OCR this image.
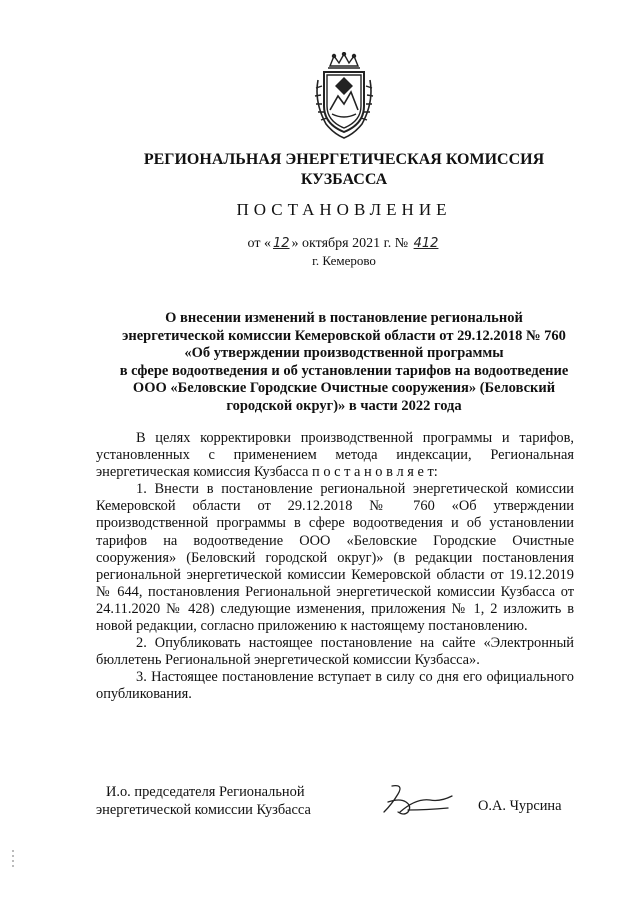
РЕГИОНАЛЬНАЯ ЭНЕРГЕТИЧЕСКАЯ КОМИССИЯ
КУЗБАССА
ПОСТАНОВЛЕНИЕ
от « 12 » октября 2021 г. № 412
г. Кемерово
О внесении изменений в постановление региональной
энергетической комиссии Кемеровской области от 29.12.2018 № 760
«Об утверждении производственной программы
в сфере водоотведения и об установлении тарифов на водоотведение
ООО «Беловские Городские Очистные сооружения» (Беловский
городской округ)» в части 2022 года

В целях корректировки производственной программы и тарифов, установленных с применением метода индексации, Региональная энергетическая комиссия Кузбасса п о с т а н о в л я е т:

1. Внести в постановление региональной энергетической комиссии Кемеровской области от 29.12.2018 № 760 «Об утверждении производственной программы в сфере водоотведения и об установлении тарифов на водоотведение ООО «Беловские Городские Очистные сооружения» (Беловский городской округ)» (в редакции постановления региональной энергетической комиссии Кемеровской области от 19.12.2019 № 644, постановления Региональной энергетической комиссии Кузбасса от 24.11.2020 № 428) следующие изменения, приложения № 1, 2 изложить в новой редакции, согласно приложению к настоящему постановлению.

2. Опубликовать настоящее постановление на сайте «Электронный бюллетень Региональной энергетической комиссии Кузбасса».

3. Настоящее постановление вступает в силу со дня его официального опубликования.

И.о. председателя Региональной
энергетической комиссии Кузбасса	О.А. Чурсина
